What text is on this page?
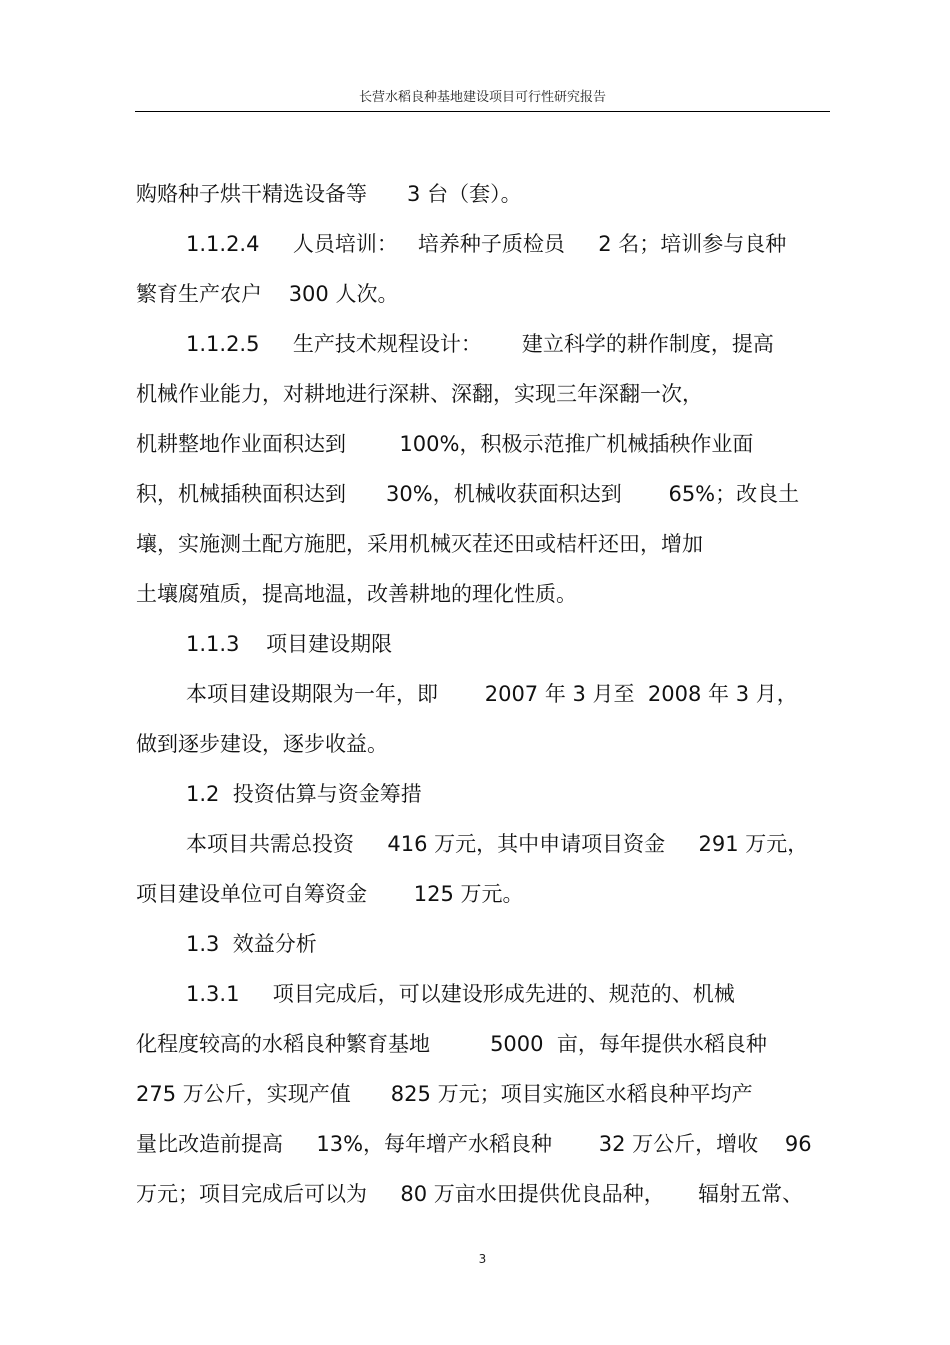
长营水稻良种基地建设项目可行性研究报告
购赂种子烘干精选设备等      3 台（套）。
1.1.2.4     人员培训：   培养种子质检员     2 名；培训参与良种
繁育生产农户    300 人次。
1.1.2.5     生产技术规程设计：      建立科学的耕作制度，提高
机械作业能力，对耕地进行深耕、深翻，实现三年深翻一次，
机耕整地作业面积达到        100%，积极示范推广机械插秧作业面
积，机械插秧面积达到      30%，机械收获面积达到       65%；改良土
壤，实施测土配方施肥，采用机械灭茬还田或桔杆还田，增加
土壤腐殖质，提高地温，改善耕地的理化性质。
1.1.3    项目建设期限
本项目建设期限为一年，即       2007 年 3 月至  2008 年 3 月，
做到逐步建设，逐步收益。
1.2  投资估算与资金筹措
本项目共需总投资     416 万元，其中申请项目资金     291 万元，
项目建设单位可自筹资金       125 万元。
1.3  效益分析
1.3.1     项目完成后，可以建设形成先进的、规范的、机械
化程度较高的水稻良种繁育基地         5000  亩，每年提供水稻良种
275 万公斤，实现产值      825 万元；项目实施区水稻良种平均产
量比改造前提高     13%，每年增产水稻良种       32 万公斤，增收    96
万元；项目完成后可以为     80 万亩水田提供优良品种，     辐射五常、
3
